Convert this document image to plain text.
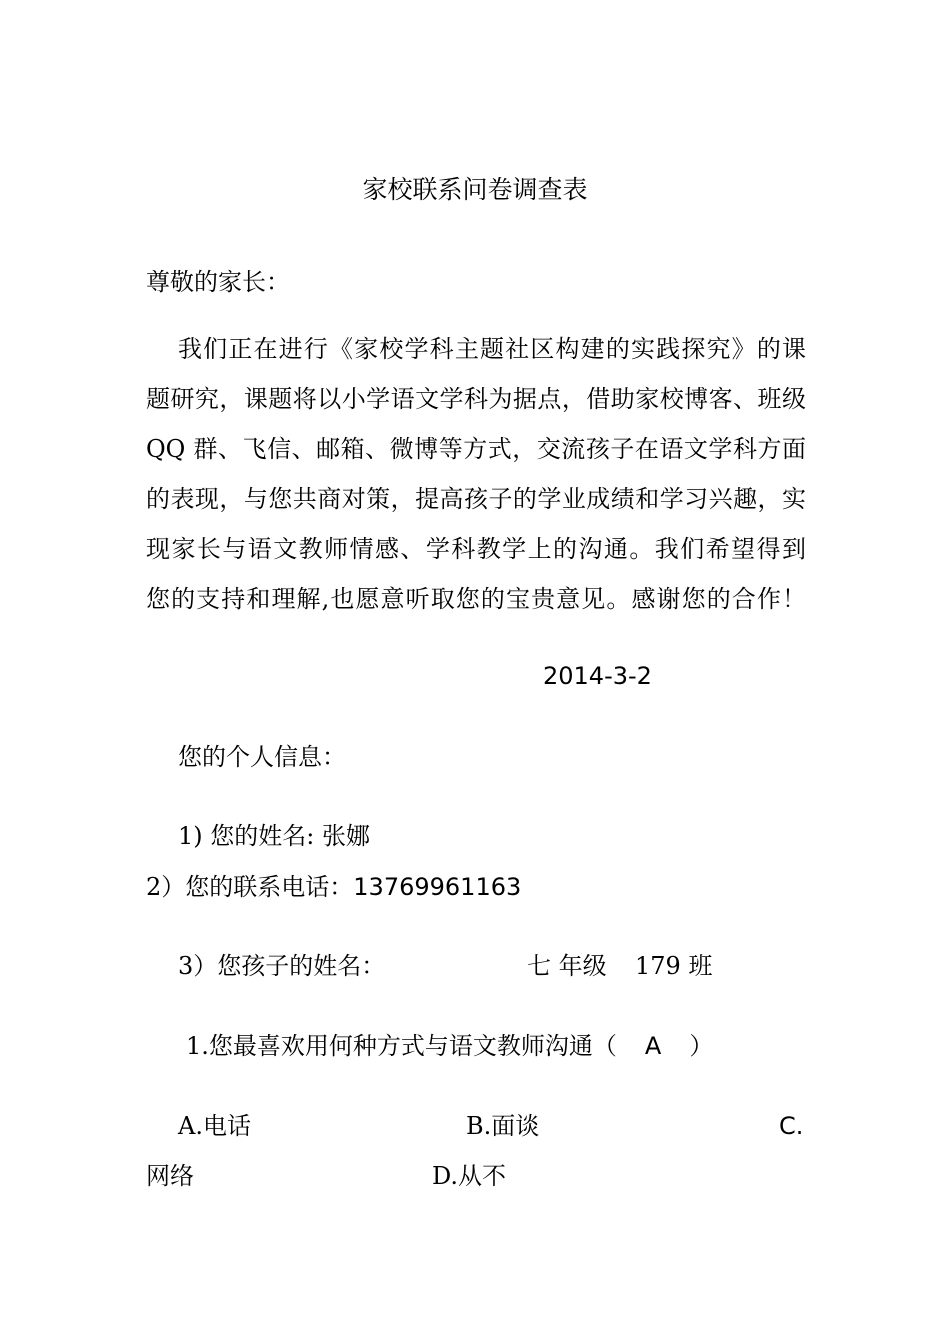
家校联系问卷调查表
尊敬的家长：
我们正在进行《家校学科主题社区构建的实践探究》的课
题研究，课题将以小学语文学科为据点，借助家校博客、班级
QQ 群、飞信、邮箱、微博等方式，交流孩子在语文学科方面
的表现，与您共商对策，提高孩子的学业成绩和学习兴趣，实
现家长与语文教师情感、学科教学上的沟通。我们希望得到
您的支持和理解,也愿意听取您的宝贵意见。感谢您的合作！
2014-3-2
您的个人信息：
1) 您的姓名: 张娜
2）您的联系电话：13769961163
3）您孩子的姓名：	七 年级 179 班
1.您最喜欢用何种方式与语文教师沟通（ A ）
A.电话	B.面谈	C.
网络	D.从不
